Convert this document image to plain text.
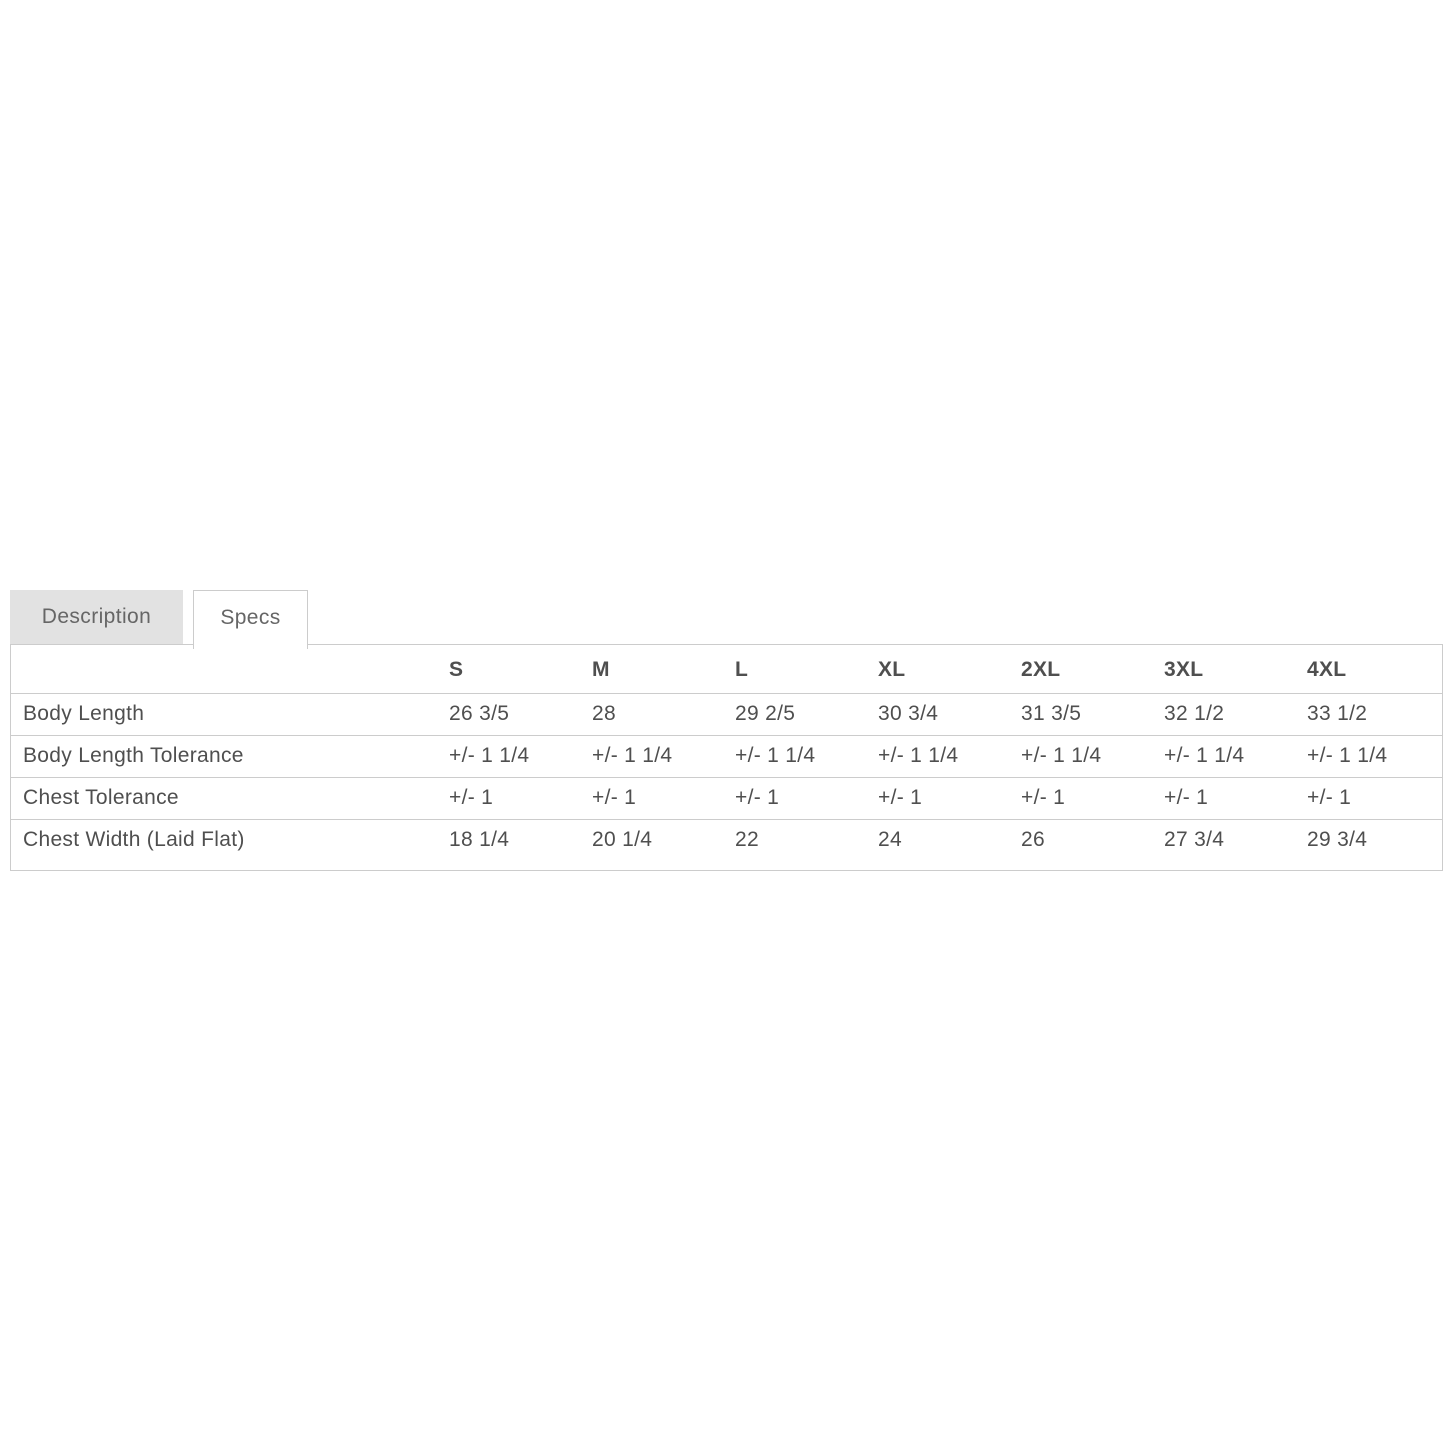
Description	Specs
	S	M	L	XL	2XL	3XL	4XL
Body Length	26 3/5	28	29 2/5	30 3/4	31 3/5	32 1/2	33 1/2
Body Length Tolerance	+/- 1 1/4	+/- 1 1/4	+/- 1 1/4	+/- 1 1/4	+/- 1 1/4	+/- 1 1/4	+/- 1 1/4
Chest Tolerance	+/- 1	+/- 1	+/- 1	+/- 1	+/- 1	+/- 1	+/- 1
Chest Width (Laid Flat)	18 1/4	20 1/4	22	24	26	27 3/4	29 3/4
